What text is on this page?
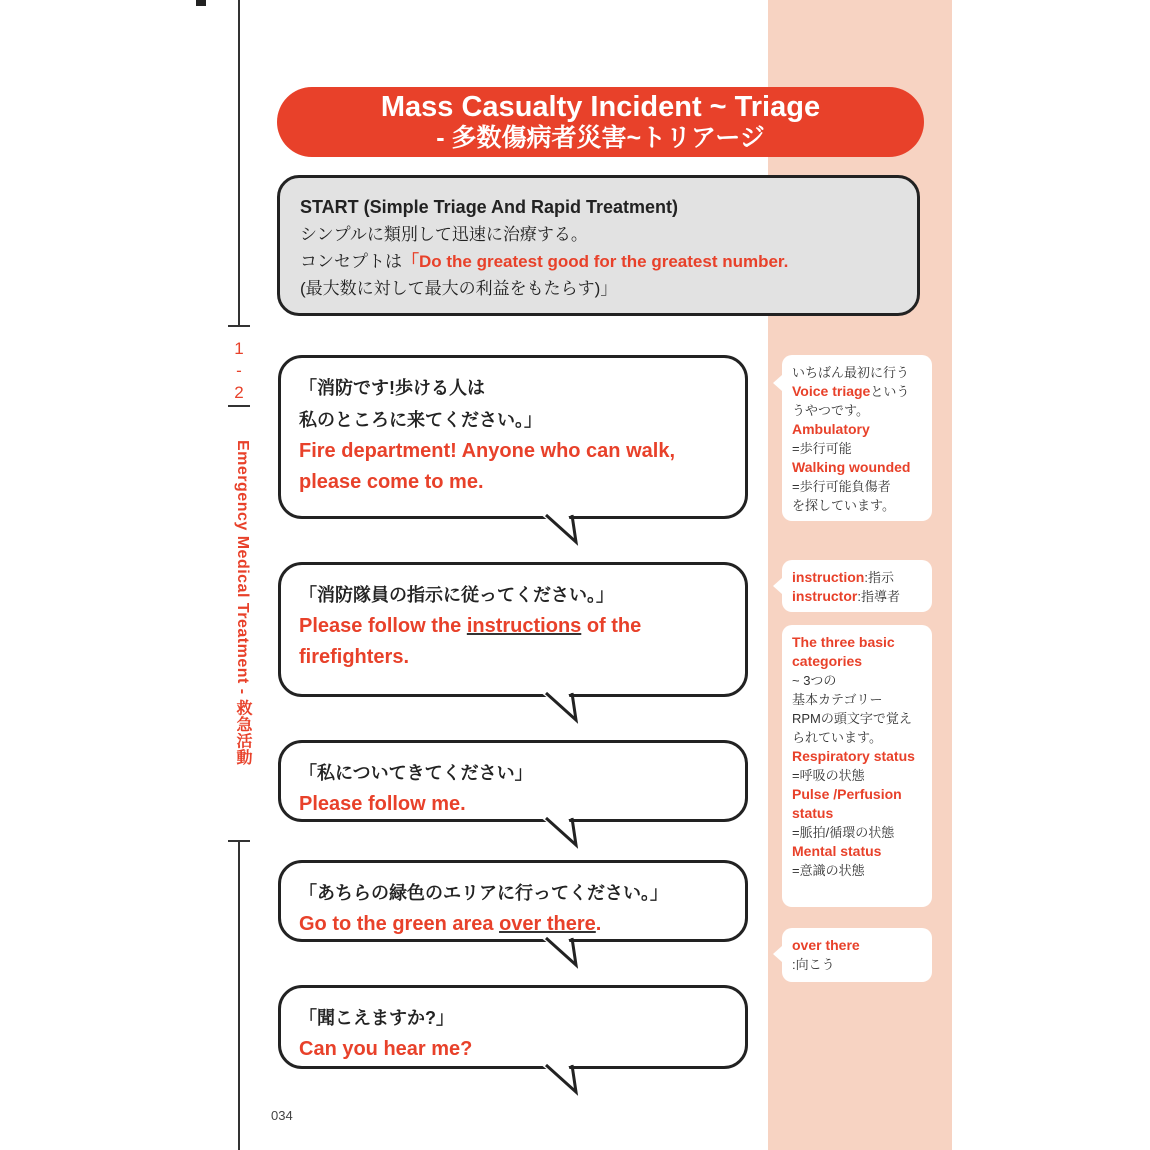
1
-
2
Emergency Medical Treatment ‐ 救急活動
Mass Casualty Incident ~ Triage
- 多数傷病者災害~トリアージ
START (Simple Triage And Rapid Treatment)
シンプルに類別して迅速に治療する。
コンセプトは「Do the greatest good for the greatest number.
(最大数に対して最大の利益をもたらす)」
「消防です!歩ける人は
私のところに来てください。」
Fire department! Anyone who can walk,
please come to me.
「消防隊員の指示に従ってください。」
Please follow the instructions of the
firefighters.
「私についてきてください」
Please follow me.
「あちらの緑色のエリアに行ってください。」
Go to the green area over there.
「聞こえますか?」
Can you hear me?
いちばん最初に行う
Voice triageという
うやつです。
Ambulatory
=歩行可能
Walking wounded
=歩行可能負傷者
を探しています。
instruction:指示
instructor:指導者
The three basic categories
~ 3つの
基本カテゴリー
RPMの頭文字で覚えられています。
Respiratory status
=呼吸の状態
Pulse /Perfusion status
=脈拍/循環の状態
Mental status
=意識の状態
over there
:向こう
034
